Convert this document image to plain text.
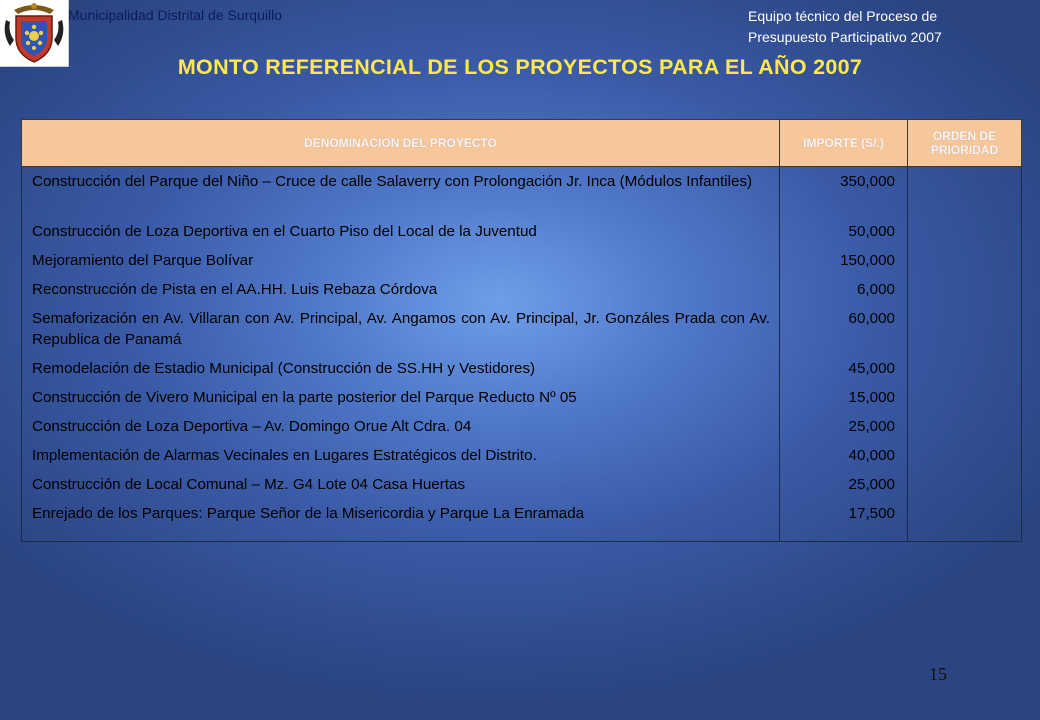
Municipalidad Distrital de Surquillo	Equipo técnico del Proceso de
Presupuesto Participativo 2007
MONTO REFERENCIAL DE LOS PROYECTOS PARA EL AÑO 2007
DENOMINACION DEL PROYECTO	IMPORTE (S/.)	ORDEN DE PRIORIDAD
Construcción del Parque del Niño – Cruce de calle Salaverry con Prolongación Jr. Inca (Módulos Infantiles)	350,000	
Construcción de Loza Deportiva en el Cuarto Piso del Local de la Juventud	50,000	
Mejoramiento del Parque Bolívar	150,000	
Reconstrucción de Pista en el AA.HH. Luis Rebaza Córdova	6,000	
Semaforización en Av. Villaran con Av. Principal, Av. Angamos con Av. Principal, Jr. Gonzáles Prada con Av. Republica de Panamá	60,000	
Remodelación de Estadio Municipal (Construcción de SS.HH y Vestidores)	45,000	
Construcción de Vivero Municipal en la parte posterior del Parque Reducto Nº 05	15,000	
Construcción de Loza Deportiva – Av. Domingo Orue Alt Cdra. 04	25,000	
Implementación de Alarmas Vecinales en Lugares Estratégicos del Distrito.	40,000	
Construcción de Local Comunal – Mz. G4 Lote 04 Casa Huertas	25,000	
Enrejado de los Parques: Parque Señor de la Misericordia y Parque La Enramada	17,500	
15
